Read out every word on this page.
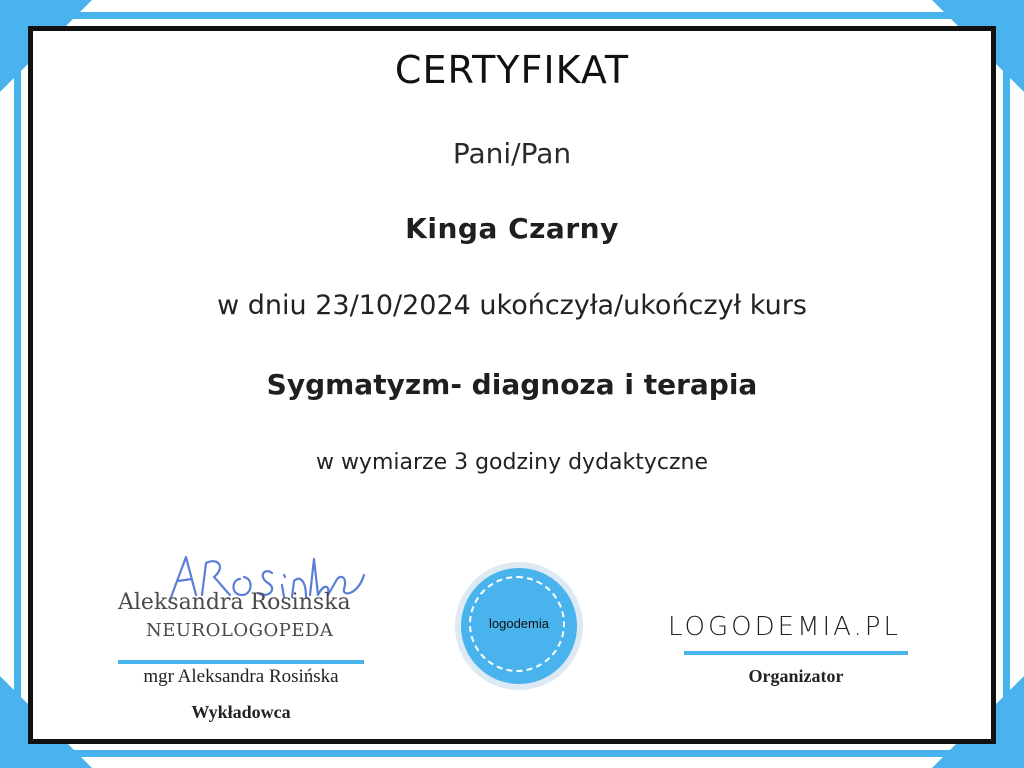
CERTYFIKAT
Pani/Pan
Kinga Czarny
w dniu 23/10/2024 ukończyła/ukończył kurs
Sygmatyzm- diagnoza i terapia
w wymiarze 3 godziny dydaktyczne
Aleksandra Rosinska
NEUROLOGOPEDA
mgr Aleksandra Rosińska
Wykładowca
logodemia	LOGODEMIA.PL
Organizator
